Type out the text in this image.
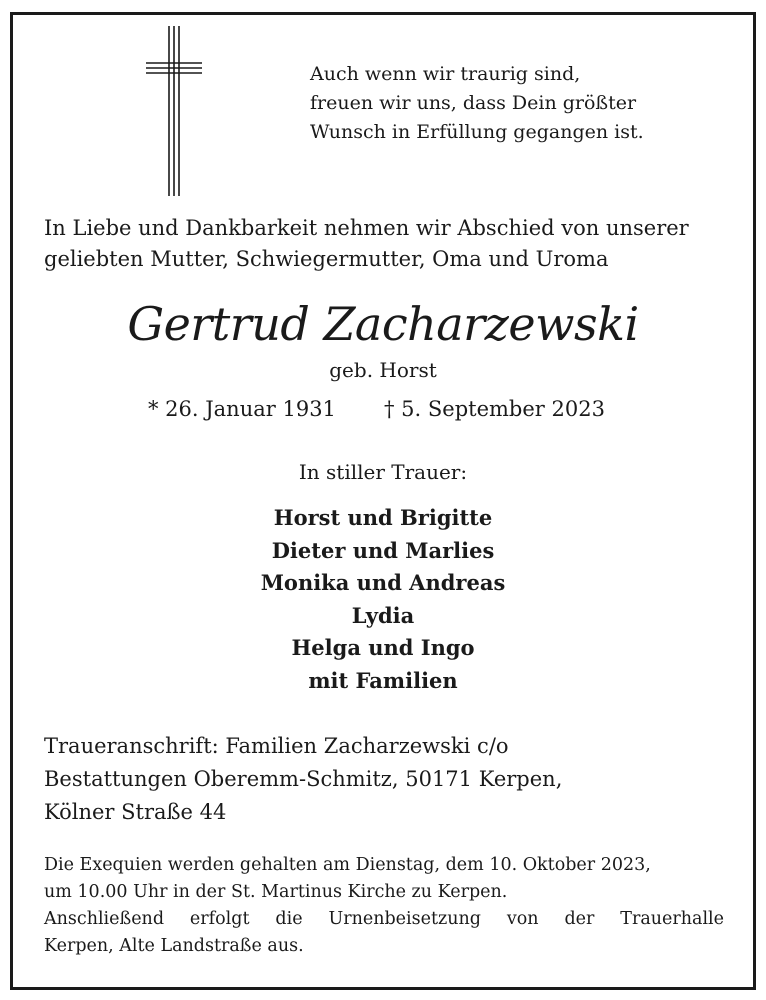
Auch wenn wir traurig sind,
freuen wir uns, dass Dein größter
Wunsch in Erfüllung gegangen ist.
In Liebe und Dankbarkeit nehmen wir Abschied von unserer
geliebten Mutter, Schwiegermutter, Oma und Uroma
Gertrud Zacharzewski
geb. Horst
* 26. Januar 1931 † 5. September 2023
In stiller Trauer:
Horst und Brigitte
Dieter und Marlies
Monika und Andreas
Lydia
Helga und Ingo
mit Familien
Traueranschrift: Familien Zacharzewski c/o
Bestattungen Oberemm-Schmitz, 50171 Kerpen,
Kölner Straße 44
Die Exequien werden gehalten am Dienstag, dem 10. Oktober 2023,
um 10.00 Uhr in der St. Martinus Kirche zu Kerpen.
Anschließend erfolgt die Urnenbeisetzung von der Trauerhalle
Kerpen, Alte Landstraße aus.
